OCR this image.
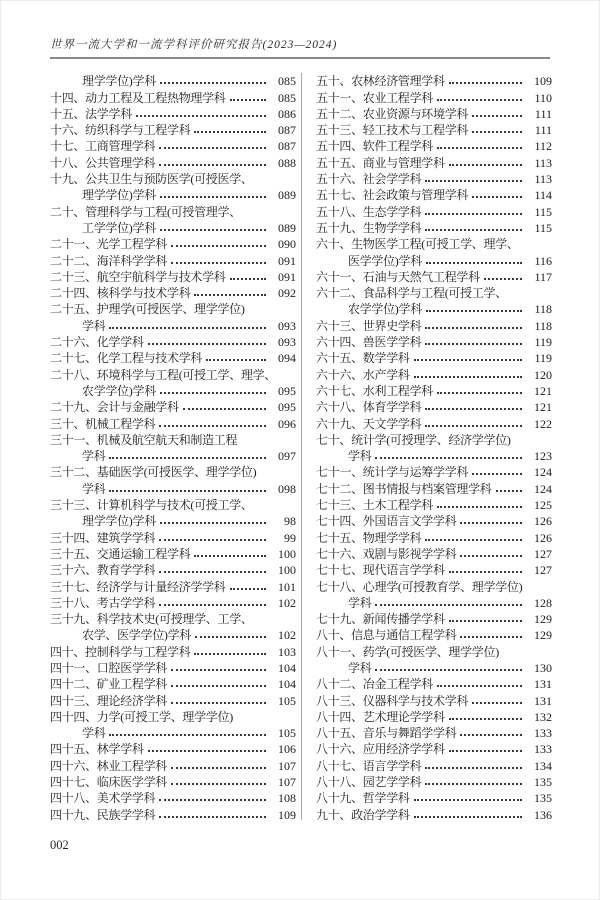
世界一流大学和一流学科评价研究报告(2023—2024)
理学学位)学科	085
十四、动力工程及工程热物理学科	085
十五、法学学科	086
十六、纺织科学与工程学科	087
十七、工商管理学科	087
十八、公共管理学科	088
十九、公共卫生与预防医学(可授医学、
理学学位)学科	089
二十、管理科学与工程(可授管理学、
工学学位)学科	089
二十一、光学工程学科	090
二十二、海洋科学学科	091
二十三、航空宇航科学与技术学科	091
二十四、核科学与技术学科	092
二十五、护理学(可授医学、理学学位)
学科	093
二十六、化学学科	093
二十七、化学工程与技术学科	094
二十八、环境科学与工程(可授工学、理学、
农学学位)学科	095
二十九、会计与金融学科	095
三十、机械工程学科	096
三十一、机械及航空航天和制造工程
学科	097
三十二、基础医学(可授医学、理学学位)
学科	098
三十三、计算机科学与技术(可授工学、
理学学位)学科	98
三十四、建筑学学科	99
三十五、交通运输工程学科	100
三十六、教育学学科	100
三十七、经济学与计量经济学学科	101
三十八、考古学学科	102
三十九、科学技术史(可授理学、工学、
农学、医学学位)学科	102
四十、控制科学与工程学科	103
四十一、口腔医学学科	104
四十二、矿业工程学科	104
四十三、理论经济学科	105
四十四、力学(可授工学、理学学位)
学科	105
四十五、林学学科	106
四十六、林业工程学科	107
四十七、临床医学学科	107
四十八、美术学学科	108
四十九、民族学学科	109
五十、农林经济管理学科	109
五十一、农业工程学科	110
五十二、农业资源与环境学科	111
五十三、轻工技术与工程学科	111
五十四、软件工程学科	112
五十五、商业与管理学科	113
五十六、社会学学科	113
五十七、社会政策与管理学科	114
五十八、生态学学科	115
五十九、生物学学科	115
六十、生物医学工程(可授工学、理学、
医学学位)学科	116
六十一、石油与天然气工程学科	117
六十二、食品科学与工程(可授工学、
农学学位)学科	118
六十三、世界史学科	118
六十四、兽医学学科	119
六十五、数学学科	119
六十六、水产学科	120
六十七、水利工程学科	121
六十八、体育学学科	121
六十九、天文学学科	122
七十、统计学(可授理学、经济学学位)
学科	123
七十一、统计学与运筹学学科	124
七十二、图书情报与档案管理学科	124
七十三、土木工程学科	125
七十四、外国语言文学学科	126
七十五、物理学学科	126
七十六、戏剧与影视学学科	127
七十七、现代语言学学科	127
七十八、心理学(可授教育学、理学学位)
学科	128
七十九、新闻传播学学科	129
八十、信息与通信工程学科	129
八十一、药学(可授医学、理学学位)
学科	130
八十二、冶金工程学科	131
八十三、仪器科学与技术学科	131
八十四、艺术理论学学科	132
八十五、音乐与舞蹈学学科	133
八十六、应用经济学学科	133
八十七、语言学学科	134
八十八、园艺学学科	135
八十九、哲学学科	135
九十、政治学学科	136
002
